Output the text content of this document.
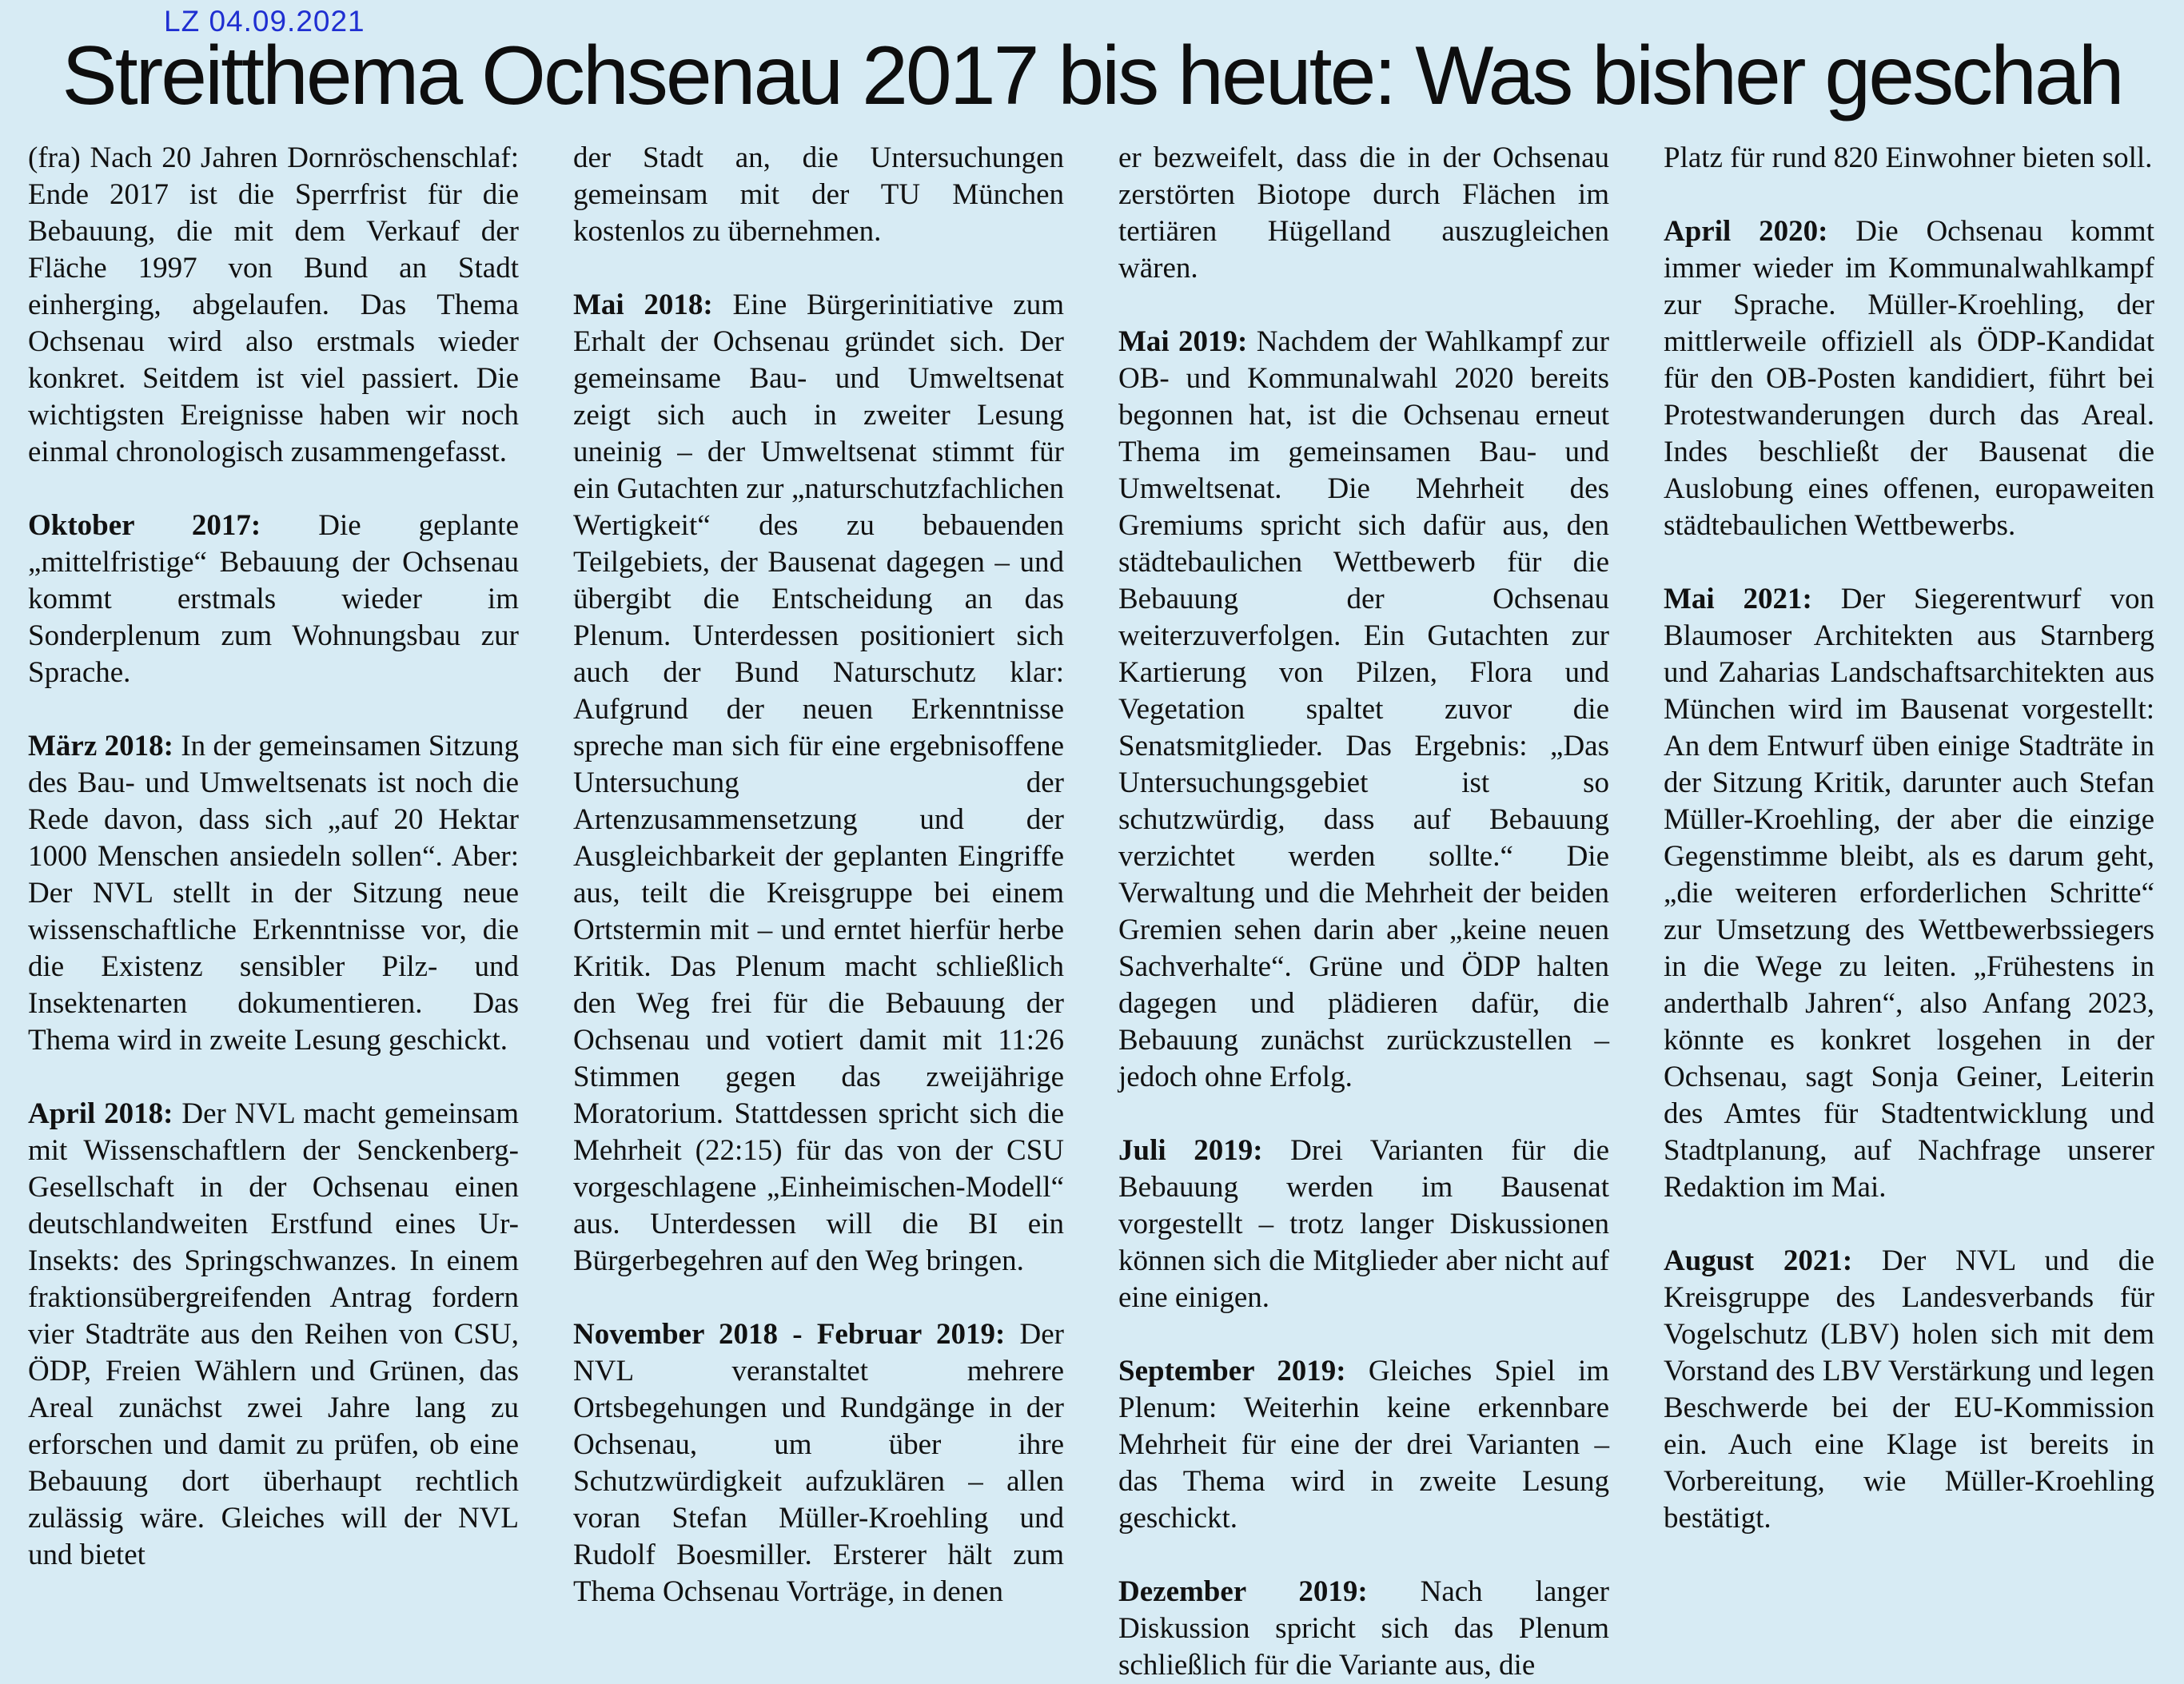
LZ 04.09.2021
Streitthema Ochsenau 2017 bis heute: Was bisher geschah

(fra) Nach 20 Jahren Dornröschenschlaf: Ende 2017 ist die Sperrfrist für die Bebauung, die mit dem Verkauf der Fläche 1997 von Bund an Stadt einherging, abgelaufen. Das Thema Ochsenau wird also erstmals wieder konkret. Seitdem ist viel passiert. Die wichtigsten Ereignisse haben wir noch einmal chronologisch zusammengefasst.

Oktober 2017: Die geplante „mittelfristige“ Bebauung der Ochsenau kommt erstmals wieder im Sonderplenum zum Wohnungsbau zur Sprache.

März 2018: In der gemeinsamen Sitzung des Bau- und Umweltsenats ist noch die Rede davon, dass sich „auf 20 Hektar 1000 Menschen ansiedeln sollen“. Aber: Der NVL stellt in der Sitzung neue wissenschaftliche Erkenntnisse vor, die die Existenz sensibler Pilz- und Insektenarten dokumentieren. Das Thema wird in zweite Lesung geschickt.

April 2018: Der NVL macht gemeinsam mit Wissenschaftlern der Senckenberg-Gesellschaft in der Ochsenau einen deutschlandweiten Erstfund eines Ur-Insekts: des Springschwanzes. In einem fraktionsübergreifenden Antrag fordern vier Stadträte aus den Reihen von CSU, ÖDP, Freien Wählern und Grünen, das Areal zunächst zwei Jahre lang zu erforschen und damit zu prüfen, ob eine Bebauung dort überhaupt rechtlich zulässig wäre. Gleiches will der NVL und bietet

der Stadt an, die Untersuchungen gemeinsam mit der TU München kostenlos zu übernehmen.

Mai 2018: Eine Bürgerinitiative zum Erhalt der Ochsenau gründet sich. Der gemeinsame Bau- und Umweltsenat zeigt sich auch in zweiter Lesung uneinig – der Umweltsenat stimmt für ein Gutachten zur „naturschutzfachlichen Wertigkeit“ des zu bebauenden Teilgebiets, der Bausenat dagegen – und übergibt die Entscheidung an das Plenum. Unterdessen positioniert sich auch der Bund Naturschutz klar: Aufgrund der neuen Erkenntnisse spreche man sich für eine ergebnisoffene Untersuchung der Artenzusammensetzung und der Ausgleichbarkeit der geplanten Eingriffe aus, teilt die Kreisgruppe bei einem Ortstermin mit – und erntet hierfür herbe Kritik. Das Plenum macht schließlich den Weg frei für die Bebauung der Ochsenau und votiert damit mit 11:26 Stimmen gegen das zweijährige Moratorium. Stattdessen spricht sich die Mehrheit (22:15) für das von der CSU vorgeschlagene „Einheimischen-Modell“ aus. Unterdessen will die BI ein Bürgerbegehren auf den Weg bringen.

November 2018 - Februar 2019: Der NVL veranstaltet mehrere Ortsbegehungen und Rundgänge in der Ochsenau, um über ihre Schutzwürdigkeit aufzuklären – allen voran Stefan Müller-Kroehling und Rudolf Boesmiller. Ersterer hält zum Thema Ochsenau Vorträge, in denen

er bezweifelt, dass die in der Ochsenau zerstörten Biotope durch Flächen im tertiären Hügelland auszugleichen wären.

Mai 2019: Nachdem der Wahlkampf zur OB- und Kommunalwahl 2020 bereits begonnen hat, ist die Ochsenau erneut Thema im gemeinsamen Bau- und Umweltsenat. Die Mehrheit des Gremiums spricht sich dafür aus, den städtebaulichen Wettbewerb für die Bebauung der Ochsenau weiterzuverfolgen. Ein Gutachten zur Kartierung von Pilzen, Flora und Vegetation spaltet zuvor die Senatsmitglieder. Das Ergebnis: „Das Untersuchungsgebiet ist so schutzwürdig, dass auf Bebauung verzichtet werden sollte.“ Die Verwaltung und die Mehrheit der beiden Gremien sehen darin aber „keine neuen Sachverhalte“. Grüne und ÖDP halten dagegen und plädieren dafür, die Bebauung zunächst zurückzustellen – jedoch ohne Erfolg.

Juli 2019: Drei Varianten für die Bebauung werden im Bausenat vorgestellt – trotz langer Diskussionen können sich die Mitglieder aber nicht auf eine einigen.

September 2019: Gleiches Spiel im Plenum: Weiterhin keine erkennbare Mehrheit für eine der drei Varianten – das Thema wird in zweite Lesung geschickt.

Dezember 2019: Nach langer Diskussion spricht sich das Plenum schließlich für die Variante aus, die

Platz für rund 820 Einwohner bieten soll.

April 2020: Die Ochsenau kommt immer wieder im Kommunalwahlkampf zur Sprache. Müller-Kroehling, der mittlerweile offiziell als ÖDP-Kandidat für den OB-Posten kandidiert, führt bei Protestwanderungen durch das Areal. Indes beschließt der Bausenat die Auslobung eines offenen, europaweiten städtebaulichen Wettbewerbs.

Mai 2021: Der Siegerentwurf von Blaumoser Architekten aus Starnberg und Zaharias Landschaftsarchitekten aus München wird im Bausenat vorgestellt: An dem Entwurf üben einige Stadträte in der Sitzung Kritik, darunter auch Stefan Müller-Kroehling, der aber die einzige Gegenstimme bleibt, als es darum geht, „die weiteren erforderlichen Schritte“ zur Umsetzung des Wettbewerbssiegers in die Wege zu leiten. „Frühestens in anderthalb Jahren“, also Anfang 2023, könnte es konkret losgehen in der Ochsenau, sagt Sonja Geiner, Leiterin des Amtes für Stadtentwicklung und Stadtplanung, auf Nachfrage unserer Redaktion im Mai.

August 2021: Der NVL und die Kreisgruppe des Landesverbands für Vogelschutz (LBV) holen sich mit dem Vorstand des LBV Verstärkung und legen Beschwerde bei der EU-Kommission ein. Auch eine Klage ist bereits in Vorbereitung, wie Müller-Kroehling bestätigt.
